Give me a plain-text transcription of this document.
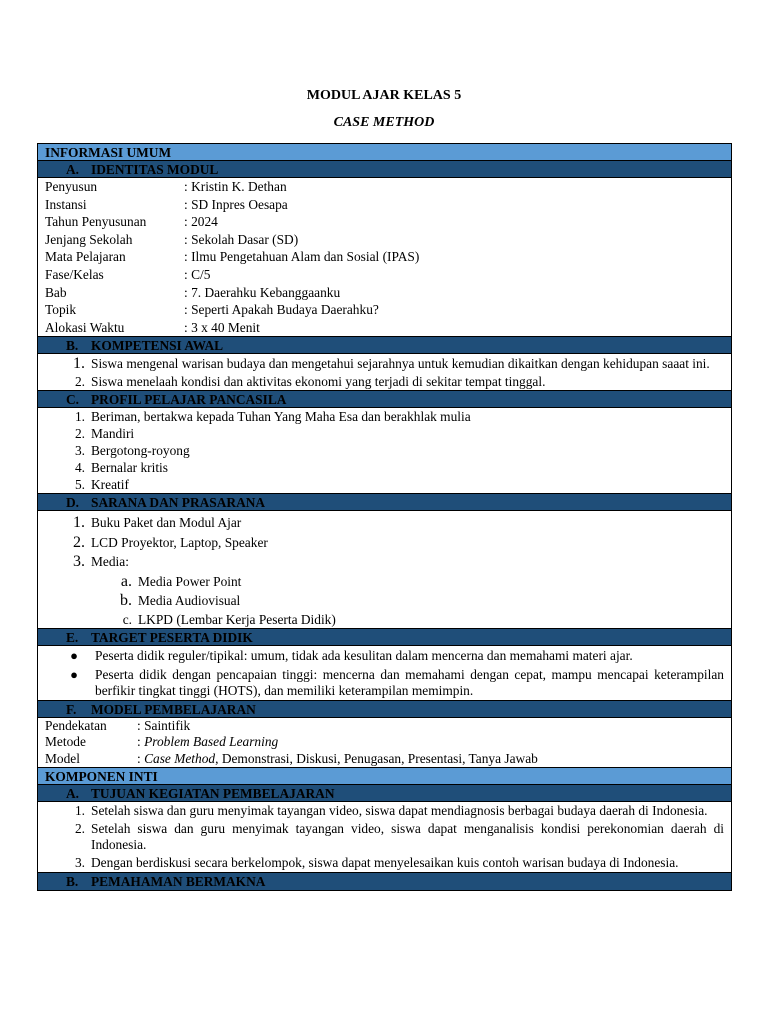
MODUL AJAR KELAS 5
CASE METHOD
INFORMASI UMUM
A. IDENTITAS MODUL
Penyusun	: Kristin K. Dethan
Instansi	: SD Inpres Oesapa
Tahun Penyusunan	: 2024
Jenjang Sekolah	: Sekolah Dasar (SD)
Mata Pelajaran	: Ilmu Pengetahuan Alam dan Sosial (IPAS)
Fase/Kelas	: C/5
Bab	: 7. Daerahku Kebanggaanku
Topik	: Seperti Apakah Budaya Daerahku?
Alokasi Waktu	: 3 x 40 Menit
B. KOMPETENSI AWAL
1. Siswa mengenal warisan budaya dan mengetahui sejarahnya untuk kemudian dikaitkan dengan kehidupan saaat ini.
2. Siswa menelaah kondisi dan aktivitas ekonomi yang terjadi di sekitar tempat tinggal.
C. PROFIL PELAJAR PANCASILA
1. Beriman, bertakwa kepada Tuhan Yang Maha Esa dan berakhlak mulia
2. Mandiri
3. Bergotong-royong
4. Bernalar kritis
5. Kreatif
D. SARANA DAN PRASARANA
1. Buku Paket dan Modul Ajar
2. LCD Proyektor, Laptop, Speaker
3. Media:
a. Media Power Point
b. Media Audiovisual
c. LKPD (Lembar Kerja Peserta Didik)
E. TARGET PESERTA DIDIK
●	Peserta didik reguler/tipikal: umum, tidak ada kesulitan dalam mencerna dan memahami materi ajar.
●	Peserta didik dengan pencapaian tinggi: mencerna dan memahami dengan cepat, mampu mencapai keterampilan berfikir tingkat tinggi (HOTS), dan memiliki keterampilan memimpin.
F. MODEL PEMBELAJARAN
Pendekatan	: Saintifik
Metode	: Problem Based Learning
Model	: Case Method, Demonstrasi, Diskusi, Penugasan, Presentasi, Tanya Jawab
KOMPONEN INTI
A. TUJUAN KEGIATAN PEMBELAJARAN
1. Setelah siswa dan guru menyimak tayangan video, siswa dapat mendiagnosis berbagai budaya daerah di Indonesia.
2. Setelah siswa dan guru menyimak tayangan video, siswa dapat menganalisis kondisi perekonomian daerah di Indonesia.
3. Dengan berdiskusi secara berkelompok, siswa dapat menyelesaikan kuis contoh warisan budaya di Indonesia.
B. PEMAHAMAN BERMAKNA
